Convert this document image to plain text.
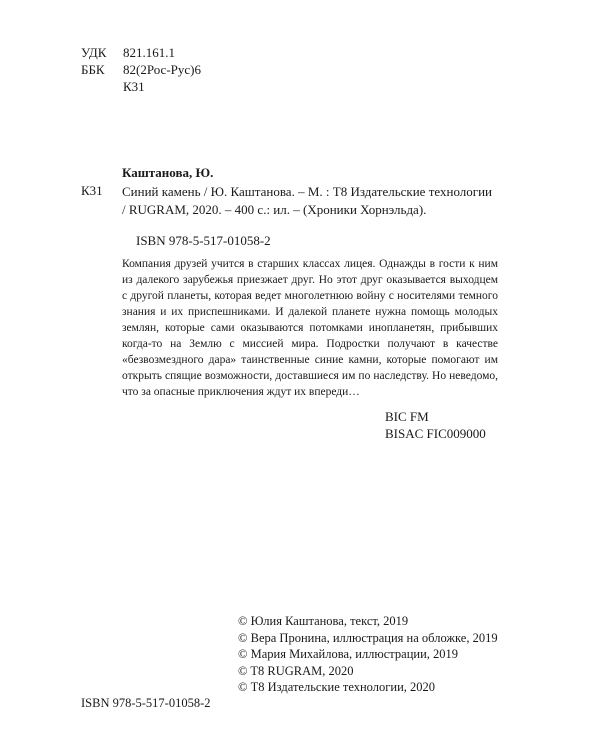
УДК 821.161.1
ББК 82(2Рос-Рус)6
К31
Каштанова, Ю.
К31 Синий камень / Ю. Каштанова. – М. : Т8 Издательские технологии / RUGRAM, 2020. – 400 с.: ил. – (Хроники Хорнэльда).
ISBN 978-5-517-01058-2

Компания друзей учится в старших классах лицея. Однажды в гости к ним из далекого зарубежья приезжает друг. Но этот друг оказывается выходцем с другой планеты, которая ведет многолетнюю войну с носителями темного знания и их приспешниками. И далекой планете нужна помощь молодых землян, которые сами оказываются потомками инопланетян, прибывших когда-то на Землю с миссией мира. Подростки получают в качестве «безвозмездного дара» таинственные синие камни, которые помогают им открыть спящие возможности, доставшиеся им по наследству. Но неведомо, что за опасные приключения ждут их впереди…

BIC FM
BISAC FIC009000
© Юлия Каштанова, текст, 2019
© Вера Пронина, иллюстрация на обложке, 2019
© Мария Михайлова, иллюстрации, 2019
© T8 RUGRAM, 2020
© Т8 Издательские технологии, 2020
ISBN 978-5-517-01058-2
